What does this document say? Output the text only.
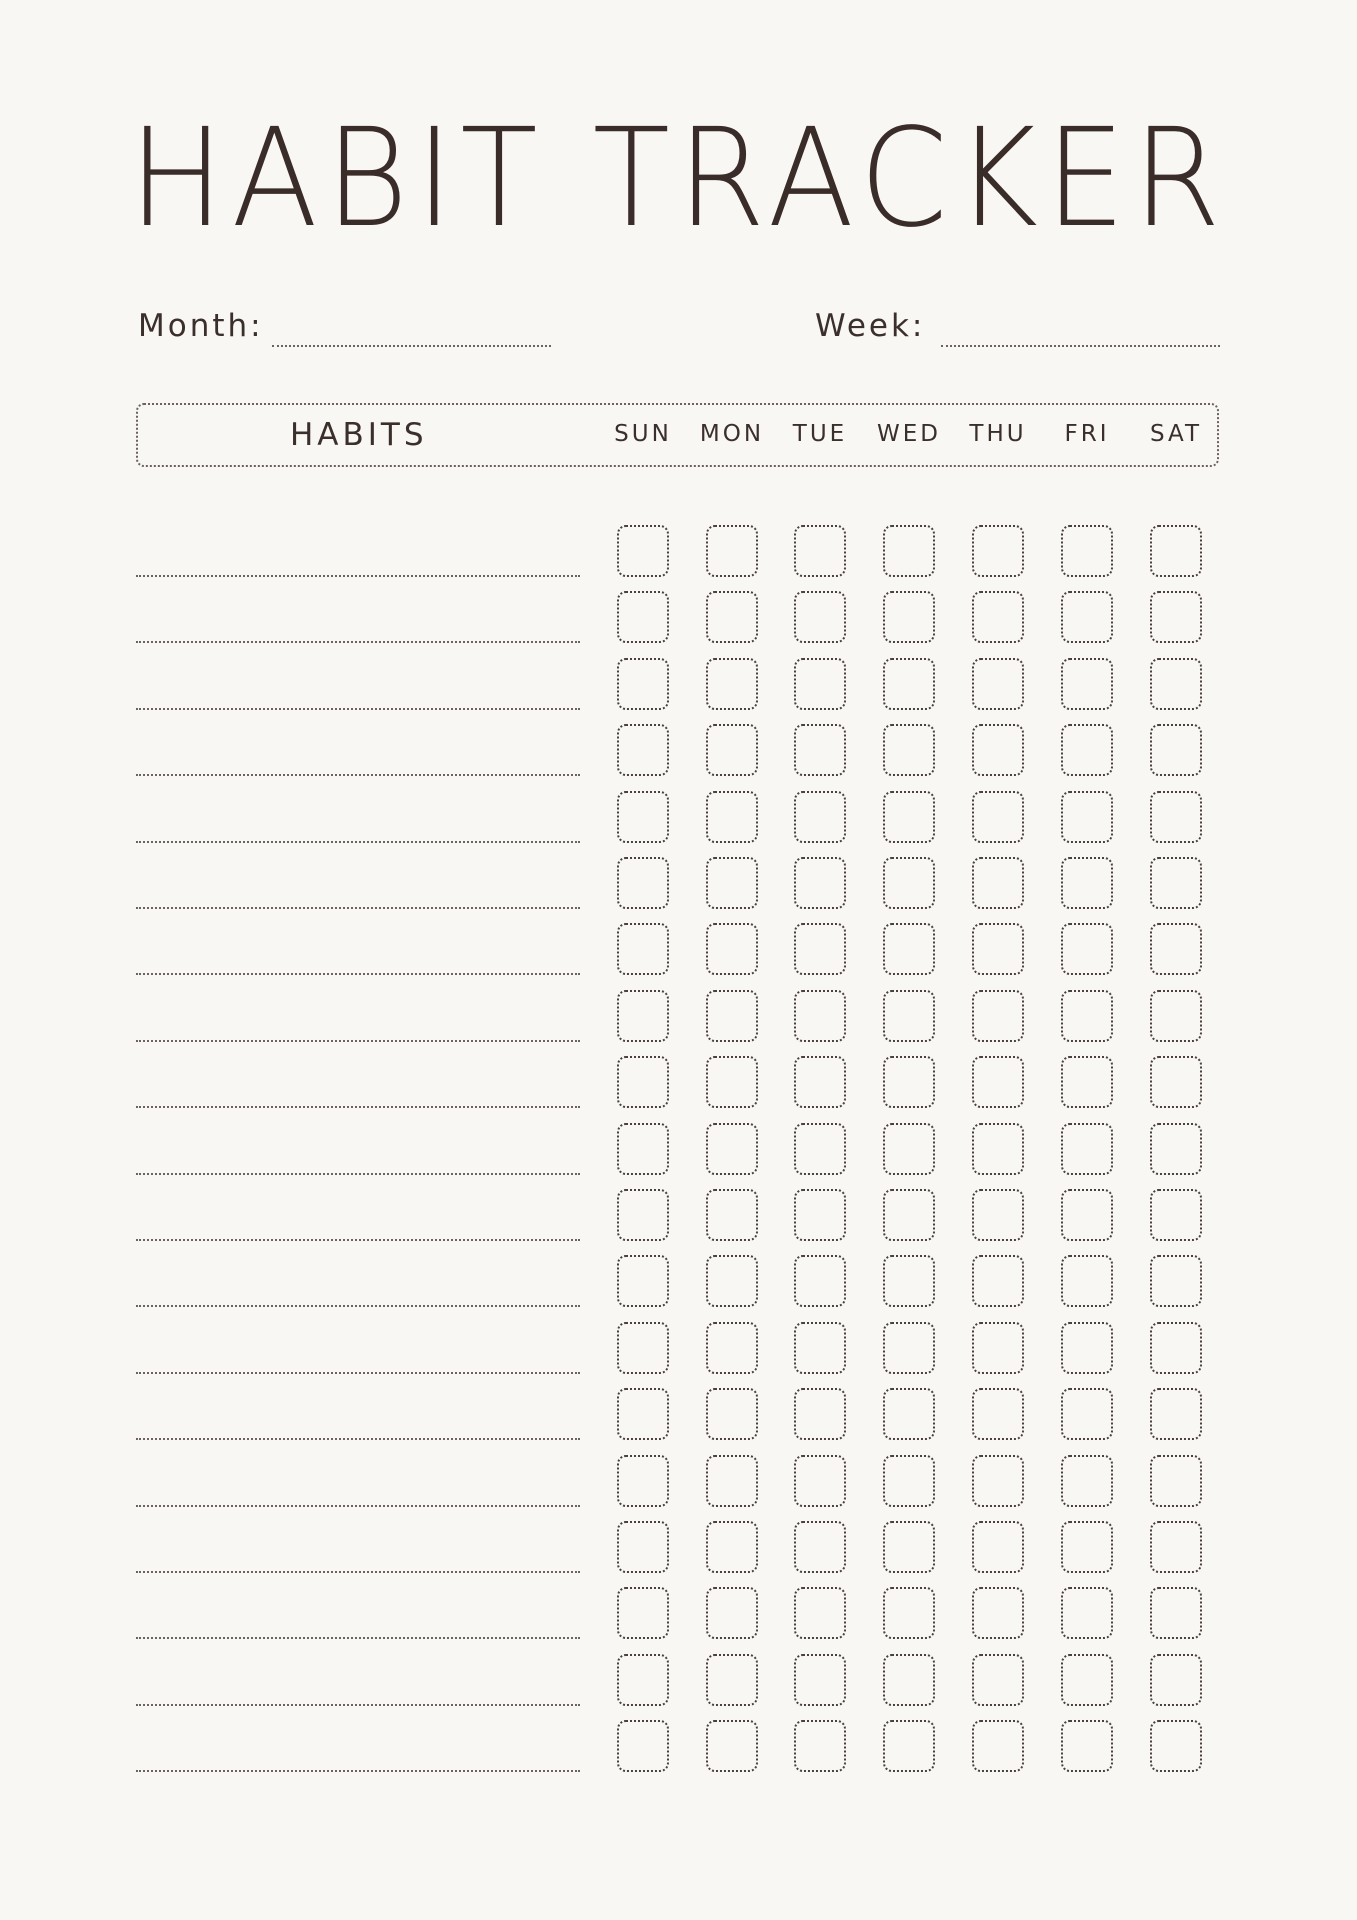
HABIT TRACKER
Month:	Week:
HABITS	SUN	MON	TUE	WED	THU	FRI	SAT
